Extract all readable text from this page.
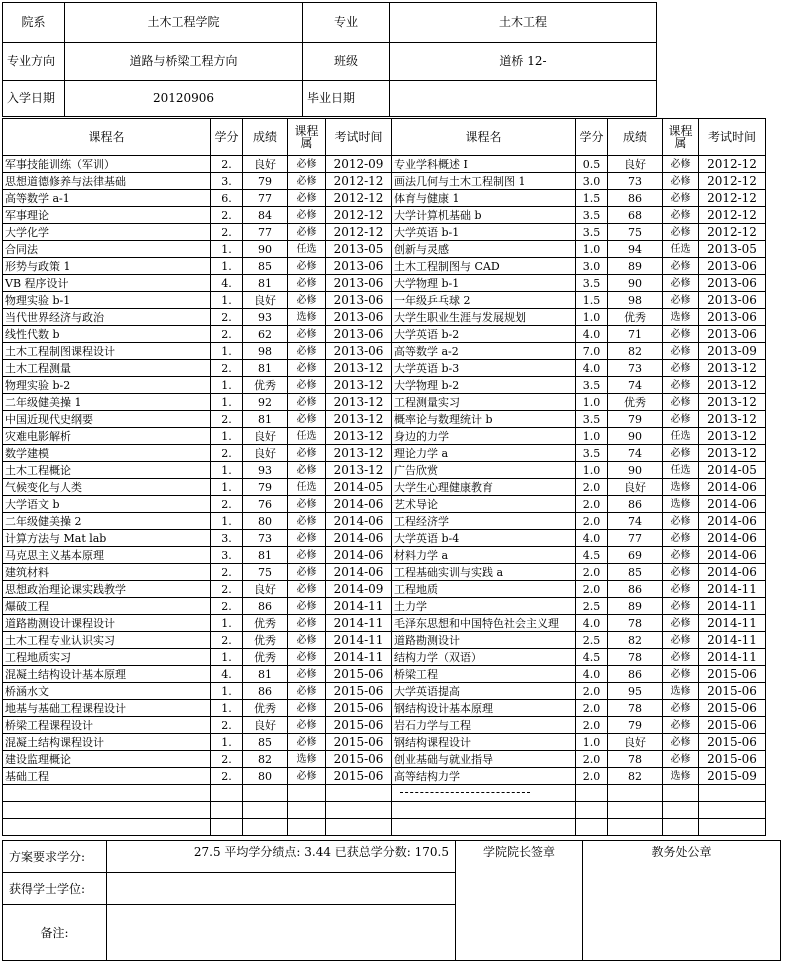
院系	土木工程学院	专业	土木工程	
专业方向	道路与桥梁工程方向	班级	道桥 12-	
入学日期	20120906	毕业日期		
课程名	学分	成绩	课程属	考试时间	课程名	学分	成绩	课程属	考试时间
军事技能训练（军训）	2.	良好	必修	2012-09	专业学科概述 I	0.5	良好	必修	2012-12
思想道德修养与法律基础	3.	79	必修	2012-12	画法几何与土木工程制图 1	3.0	73	必修	2012-12
高等数学 a-1	6.	77	必修	2012-12	体育与健康 1	1.5	86	必修	2012-12
军事理论	2.	84	必修	2012-12	大学计算机基础 b	3.5	68	必修	2012-12
大学化学	2.	77	必修	2012-12	大学英语 b-1	3.5	75	必修	2012-12
合同法	1.	90	任选	2013-05	创新与灵感	1.0	94	任选	2013-05
形势与政策 1	1.	85	必修	2013-06	土木工程制图与 CAD	3.0	89	必修	2013-06
VB 程序设计	4.	81	必修	2013-06	大学物理 b-1	3.5	90	必修	2013-06
物理实验 b-1	1.	良好	必修	2013-06	一年级乒乓球 2	1.5	98	必修	2013-06
当代世界经济与政治	2.	93	选修	2013-06	大学生职业生涯与发展规划	1.0	优秀	选修	2013-06
线性代数 b	2.	62	必修	2013-06	大学英语 b-2	4.0	71	必修	2013-06
土木工程制图课程设计	1.	98	必修	2013-06	高等数学 a-2	7.0	82	必修	2013-09
土木工程测量	2.	81	必修	2013-12	大学英语 b-3	4.0	73	必修	2013-12
物理实验 b-2	1.	优秀	必修	2013-12	大学物理 b-2	3.5	74	必修	2013-12
二年级健美操 1	1.	92	必修	2013-12	工程测量实习	1.0	优秀	必修	2013-12
中国近现代史纲要	2.	81	必修	2013-12	概率论与数理统计 b	3.5	79	必修	2013-12
灾难电影解析	1.	良好	任选	2013-12	身边的力学	1.0	90	任选	2013-12
数学建模	2.	良好	必修	2013-12	理论力学 a	3.5	74	必修	2013-12
土木工程概论	1.	93	必修	2013-12	广告欣赏	1.0	90	任选	2014-05
气候变化与人类	1.	79	任选	2014-05	大学生心理健康教育	2.0	良好	选修	2014-06
大学语文 b	2.	76	必修	2014-06	艺术导论	2.0	86	选修	2014-06
二年级健美操 2	1.	80	必修	2014-06	工程经济学	2.0	74	必修	2014-06
计算方法与 Mat lab	3.	73	必修	2014-06	大学英语 b-4	4.0	77	必修	2014-06
马克思主义基本原理	3.	81	必修	2014-06	材料力学 a	4.5	69	必修	2014-06
建筑材料	2.	75	必修	2014-06	工程基础实训与实践 a	2.0	85	必修	2014-06
思想政治理论课实践教学	2.	良好	必修	2014-09	工程地质	2.0	86	必修	2014-11
爆破工程	2.	86	必修	2014-11	土力学	2.5	89	必修	2014-11
道路勘测设计课程设计	1.	优秀	必修	2014-11	毛泽东思想和中国特色社会主义理	4.0	78	必修	2014-11
土木工程专业认识实习	2.	优秀	必修	2014-11	道路勘测设计	2.5	82	必修	2014-11
工程地质实习	1.	优秀	必修	2014-11	结构力学（双语）	4.5	78	必修	2014-11
混凝土结构设计基本原理	4.	81	必修	2015-06	桥梁工程	4.0	86	必修	2015-06
桥涵水文	1.	86	必修	2015-06	大学英语提高	2.0	95	选修	2015-06
地基与基础工程课程设计	1.	优秀	必修	2015-06	钢结构设计基本原理	2.0	78	必修	2015-06
桥梁工程课程设计	2.	良好	必修	2015-06	岩石力学与工程	2.0	79	必修	2015-06
混凝土结构课程设计	1.	85	必修	2015-06	钢结构课程设计	1.0	良好	必修	2015-06
建设监理概论	2.	82	选修	2015-06	创业基础与就业指导	2.0	78	必修	2015-06
基础工程	2.	80	必修	2015-06	高等结构力学	2.0	82	选修	2015-09

方案要求学分:	27.5 平均学分绩点: 3.44 已获总学分数: 170.5	学院院长签章	教务处公章
获得学士学位:			
备注:			
